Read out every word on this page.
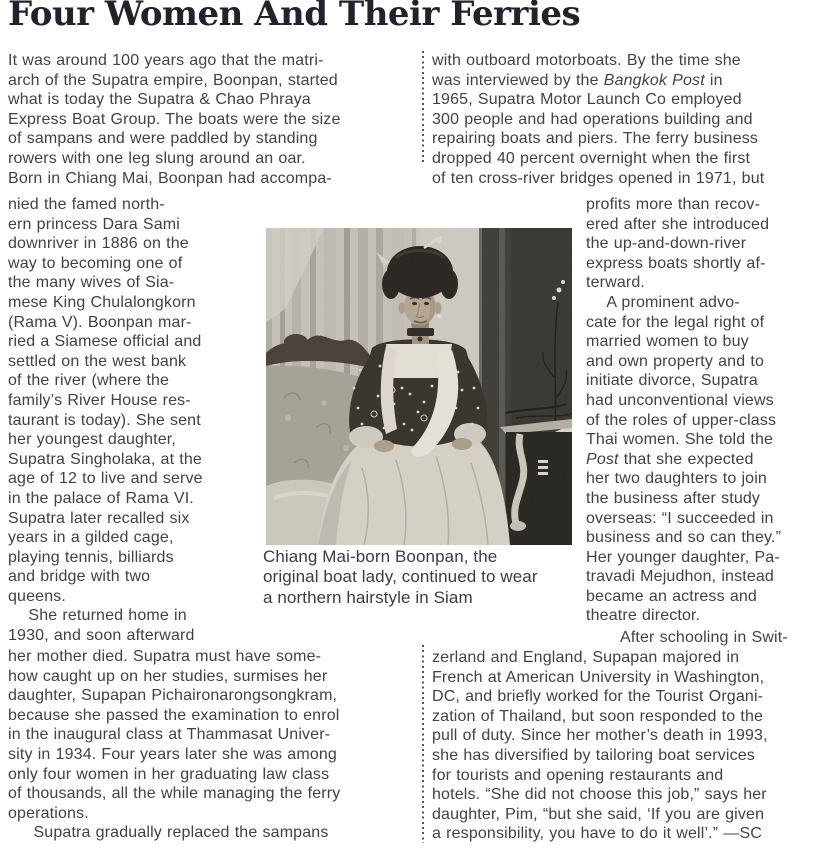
Four Women And Their Ferries
It was around 100 years ago that the matri-
arch of the Supatra empire, Boonpan, started
what is today the Supatra & Chao Phraya
Express Boat Group. The boats were the size
of sampans and were paddled by standing
rowers with one leg slung around an oar.
Born in Chiang Mai, Boonpan had accompa-
nied the famed north-
ern princess Dara Sami
downriver in 1886 on the
way to becoming one of
the many wives of Sia-
mese King Chulalongkorn
(Rama V). Boonpan mar-
ried a Siamese official and
settled on the west bank
of the river (where the
family’s River House res-
taurant is today). She sent
her youngest daughter,
Supatra Singholaka, at the
age of 12 to live and serve
in the palace of Rama VI.
Supatra later recalled six
years in a gilded cage,
playing tennis, billiards
and bridge with two
queens.
She returned home in
1930, and soon afterward
her mother died. Supatra must have some-
how caught up on her studies, surmises her
daughter, Supapan Pichaironarongsongkram,
because she passed the examination to enrol
in the inaugural class at Thammasat Univer-
sity in 1934. Four years later she was among
only four women in her graduating law class
of thousands, all the while managing the ferry
operations.
Supatra gradually replaced the sampans
with outboard motorboats. By the time she
was interviewed by the Bangkok Post in
1965, Supatra Motor Launch Co employed
300 people and had operations building and
repairing boats and piers. The ferry business
dropped 40 percent overnight when the first
of ten cross-river bridges opened in 1971, but
profits more than recov-
ered after she introduced
the up-and-down-river
express boats shortly af-
terward.
A prominent advo-
cate for the legal right of
married women to buy
and own property and to
initiate divorce, Supatra
had unconventional views
of the roles of upper-class
Thai women. She told the
Post that she expected
her two daughters to join
the business after study
overseas: “I succeeded in
business and so can they.”
Her younger daughter, Pa-
travadi Mejudhon, instead
became an actress and
theatre director.
After schooling in Swit-
zerland and England, Supapan majored in
French at American University in Washington,
DC, and briefly worked for the Tourist Organi-
zation of Thailand, but soon responded to the
pull of duty. Since her mother’s death in 1993,
she has diversified by tailoring boat services
for tourists and opening restaurants and
hotels. “She did not choose this job,” says her
daughter, Pim, “but she said, ‘If you are given
a responsibility, you have to do it well’.” —SC
Chiang Mai-born Boonpan, the
original boat lady, continued to wear
a northern hairstyle in Siam
